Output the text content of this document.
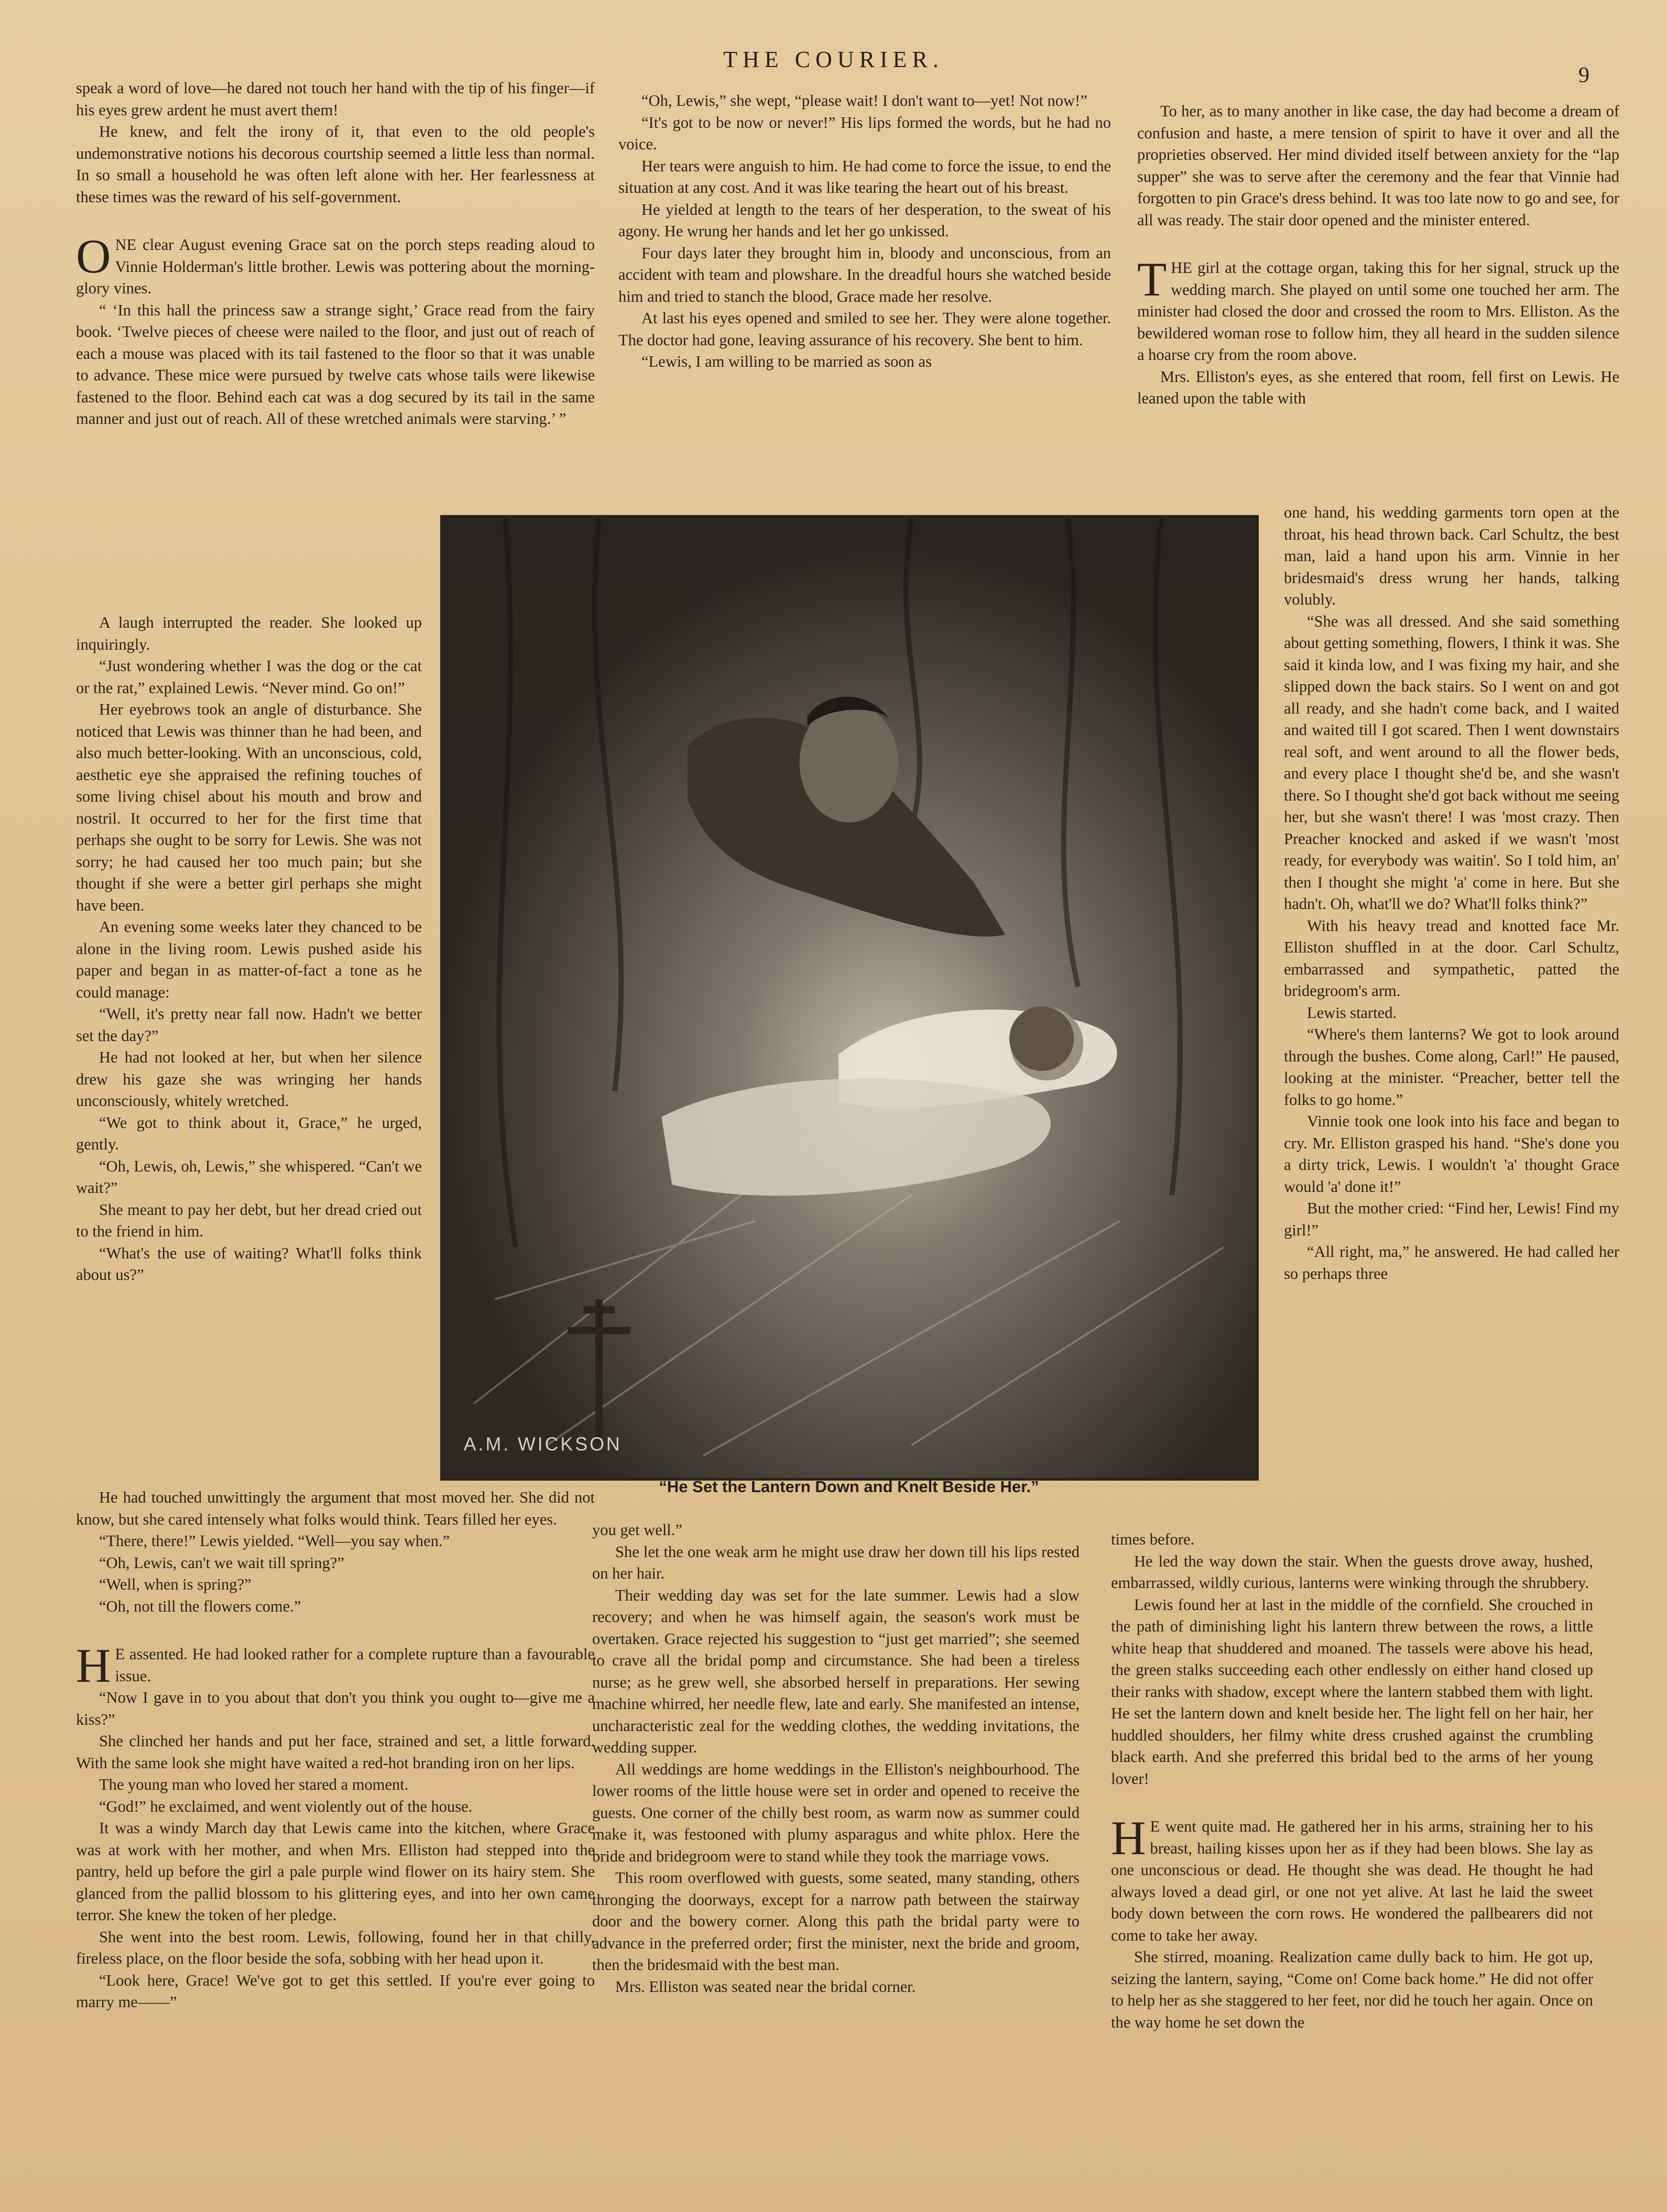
THE COURIER.
9

speak a word of love—he dared not touch her hand with the tip of his finger—if his eyes grew ardent he must avert them!

He knew, and felt the irony of it, that even to the old people's undemonstrative notions his decorous courtship seemed a little less than normal. In so small a household he was often left alone with her. Her fearlessness at these times was the reward of his self-government.

ONE clear August evening Grace sat on the porch steps reading aloud to Vinnie Holderman's little brother. Lewis was pottering about the morning-glory vines.

“ ‘In this hall the princess saw a strange sight,’ Grace read from the fairy book. ‘Twelve pieces of cheese were nailed to the floor, and just out of reach of each a mouse was placed with its tail fastened to the floor so that it was unable to advance. These mice were pursued by twelve cats whose tails were likewise fastened to the floor. Behind each cat was a dog secured by its tail in the same manner and just out of reach. All of these wretched animals were starving.’ ”

A laugh interrupted the reader. She looked up inquiringly.

“Just wondering whether I was the dog or the cat or the rat,” explained Lewis. “Never mind. Go on!”

Her eyebrows took an angle of disturbance. She noticed that Lewis was thinner than he had been, and also much better-looking. With an unconscious, cold, aesthetic eye she appraised the refining touches of some living chisel about his mouth and brow and nostril. It occurred to her for the first time that perhaps she ought to be sorry for Lewis. She was not sorry; he had caused her too much pain; but she thought if she were a better girl perhaps she might have been.

An evening some weeks later they chanced to be alone in the living room. Lewis pushed aside his paper and began in as matter-of-fact a tone as he could manage:

“Well, it's pretty near fall now. Hadn't we better set the day?”

He had not looked at her, but when her silence drew his gaze she was wringing her hands unconsciously, whitely wretched.

“We got to think about it, Grace,” he urged, gently.

“Oh, Lewis, oh, Lewis,” she whispered. “Can't we wait?”

She meant to pay her debt, but her dread cried out to the friend in him.

“What's the use of waiting? What'll folks think about us?”

He had touched unwittingly the argument that most moved her. She did not know, but she cared intensely what folks would think. Tears filled her eyes.

“There, there!” Lewis yielded. “Well—you say when.”

“Oh, Lewis, can't we wait till spring?”

“Well, when is spring?”

“Oh, not till the flowers come.”

H E assented. He had looked rather for a complete rupture than a favourable issue.

“Now I gave in to you about that don't you think you ought to—give me a kiss?”

She clinched her hands and put her face, strained and set, a little forward. With the same look she might have waited a red-hot branding iron on her lips.

The young man who loved her stared a moment.

“God!” he exclaimed, and went violently out of the house.

It was a windy March day that Lewis came into the kitchen, where Grace was at work with her mother, and when Mrs. Elliston had stepped into the pantry, held up before the girl a pale purple wind flower on its hairy stem. She glanced from the pallid blossom to his glittering eyes, and into her own came terror. She knew the token of her pledge.

She went into the best room. Lewis, following, found her in that chilly, fireless place, on the floor beside the sofa, sobbing with her head upon it.

“Look here, Grace! We've got to get this settled. If you're ever going to marry me——”

“Oh, Lewis,” she wept, “please wait! I don't want to—yet! Not now!”

“It's got to be now or never!” His lips formed the words, but he had no voice.

Her tears were anguish to him. He had come to force the issue, to end the situation at any cost. And it was like tearing the heart out of his breast.

He yielded at length to the tears of her desperation, to the sweat of his agony. He wrung her hands and let her go unkissed.

Four days later they brought him in, bloody and unconscious, from an accident with team and plowshare. In the dreadful hours she watched beside him and tried to stanch the blood, Grace made her resolve.

At last his eyes opened and smiled to see her. They were alone together. The doctor had gone, leaving assurance of his recovery. She bent to him.

“Lewis, I am willing to be married as soon as

you get well.”

She let the one weak arm he might use draw her down till his lips rested on her hair.

Their wedding day was set for the late summer. Lewis had a slow recovery; and when he was himself again, the season's work must be overtaken. Grace rejected his suggestion to “just get married”; she seemed to crave all the bridal pomp and circumstance. She had been a tireless nurse; as he grew well, she absorbed herself in preparations. Her sewing machine whirred, her needle flew, late and early. She manifested an intense, uncharacteristic zeal for the wedding clothes, the wedding invitations, the wedding supper.

All weddings are home weddings in the Elliston's neighbourhood. The lower rooms of the little house were set in order and opened to receive the guests. One corner of the chilly best room, as warm now as summer could make it, was festooned with plumy asparagus and white phlox. Here the bride and bridegroom were to stand while they took the marriage vows.

This room overflowed with guests, some seated, many standing, others thronging the doorways, except for a narrow path between the stairway door and the bowery corner. Along this path the bridal party were to advance in the preferred order; first the minister, next the bride and groom, then the bridesmaid with the best man.

Mrs. Elliston was seated near the bridal corner.

To her, as to many another in like case, the day had become a dream of confusion and haste, a mere tension of spirit to have it over and all the proprieties observed. Her mind divided itself between anxiety for the “lap supper” she was to serve after the ceremony and the fear that Vinnie had forgotten to pin Grace's dress behind. It was too late now to go and see, for all was ready. The stair door opened and the minister entered.

THE girl at the cottage organ, taking this for her signal, struck up the wedding march. She played on until some one touched her arm. The minister had closed the door and crossed the room to Mrs. Elliston. As the bewildered woman rose to follow him, they all heard in the sudden silence a hoarse cry from the room above.

Mrs. Elliston's eyes, as she entered that room, fell first on Lewis. He leaned upon the table with

one hand, his wedding garments torn open at the throat, his head thrown back. Carl Schultz, the best man, laid a hand upon his arm. Vinnie in her bridesmaid's dress wrung her hands, talking volubly.

“She was all dressed. And she said something about getting something, flowers, I think it was. She said it kinda low, and I was fixing my hair, and she slipped down the back stairs. So I went on and got all ready, and she hadn't come back, and I waited and waited till I got scared. Then I went downstairs real soft, and went around to all the flower beds, and every place I thought she'd be, and she wasn't there. So I thought she'd got back without me seeing her, but she wasn't there! I was 'most crazy. Then Preacher knocked and asked if we wasn't 'most ready, for everybody was waitin'. So I told him, an' then I thought she might 'a' come in here. But she hadn't. Oh, what'll we do? What'll folks think?”

With his heavy tread and knotted face Mr. Elliston shuffled in at the door. Carl Schultz, embarrassed and sympathetic, patted the bridegroom's arm.

Lewis started.

“Where's them lanterns? We got to look around through the bushes. Come along, Carl!” He paused, looking at the minister. “Preacher, better tell the folks to go home.”

Vinnie took one look into his face and began to cry. Mr. Elliston grasped his hand. “She's done you a dirty trick, Lewis. I wouldn't 'a' thought Grace would 'a' done it!”

But the mother cried: “Find her, Lewis! Find my girl!”

“All right, ma,” he answered. He had called her so perhaps three

times before.

He led the way down the stair. When the guests drove away, hushed, embarrassed, wildly curious, lanterns were winking through the shrubbery.

Lewis found her at last in the middle of the cornfield. She crouched in the path of diminishing light his lantern threw between the rows, a little white heap that shuddered and moaned. The tassels were above his head, the green stalks succeeding each other endlessly on either hand closed up their ranks with shadow, except where the lantern stabbed them with light. He set the lantern down and knelt beside her. The light fell on her hair, her huddled shoulders, her filmy white dress crushed against the crumbling black earth. And she preferred this bridal bed to the arms of her young lover!

H E went quite mad. He gathered her in his arms, straining her to his breast, hailing kisses upon her as if they had been blows. She lay as one unconscious or dead. He thought she was dead. He thought he had always loved a dead girl, or one not yet alive. At last he laid the sweet body down between the corn rows. He wondered the pallbearers did not come to take her away.

She stirred, moaning. Realization came dully back to him. He got up, seizing the lantern, saying, “Come on! Come back home.” He did not offer to help her as she staggered to her feet, nor did he touch her again. Once on the way home he set down the

A.M. WICKSON
“He Set the Lantern Down and Knelt Beside Her.”
